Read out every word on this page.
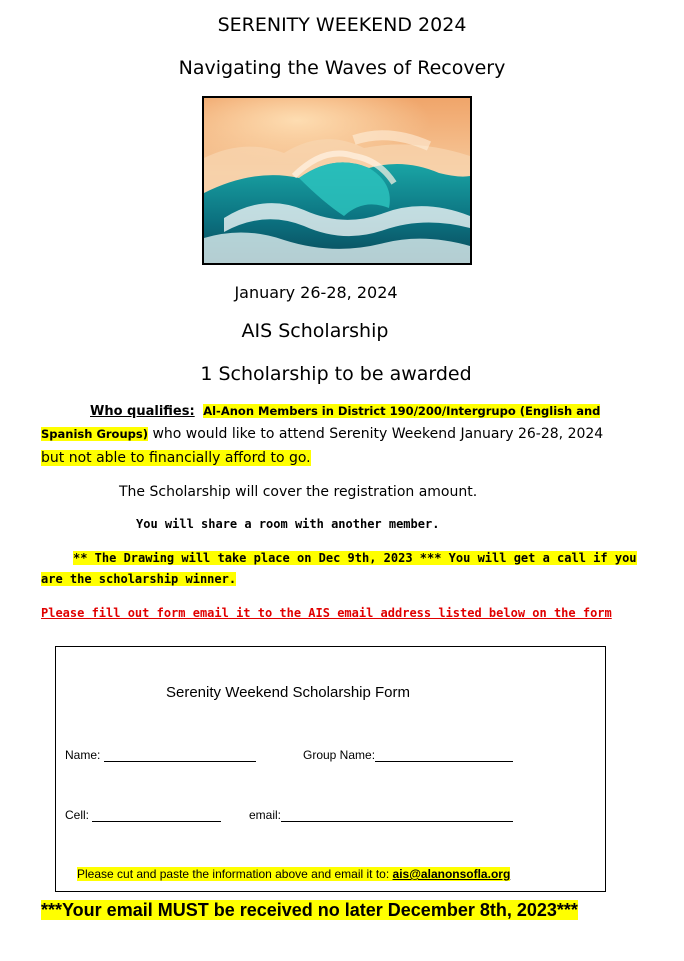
SERENITY WEEKEND 2024
Navigating the Waves of Recovery
January 26-28, 2024
AIS Scholarship
1 Scholarship to be awarded
Who qualifies: Al-Anon Members in District 190/200/Intergrupo (English and
Spanish Groups) who would like to attend Serenity Weekend January 26-28, 2024
but not able to financially afford to go.
The Scholarship will cover the registration amount.
You will share a room with another member.
** The Drawing will take place on Dec 9th, 2023 *** You will get a call if you
are the scholarship winner.
Please fill out form email it to the AIS email address listed below on the form
Serenity Weekend Scholarship Form
Name:	Group Name:
Cell:	email:
Please cut and paste the information above and email it to: ais@alanonsofla.org
***Your email MUST be received no later December 8th, 2023***
